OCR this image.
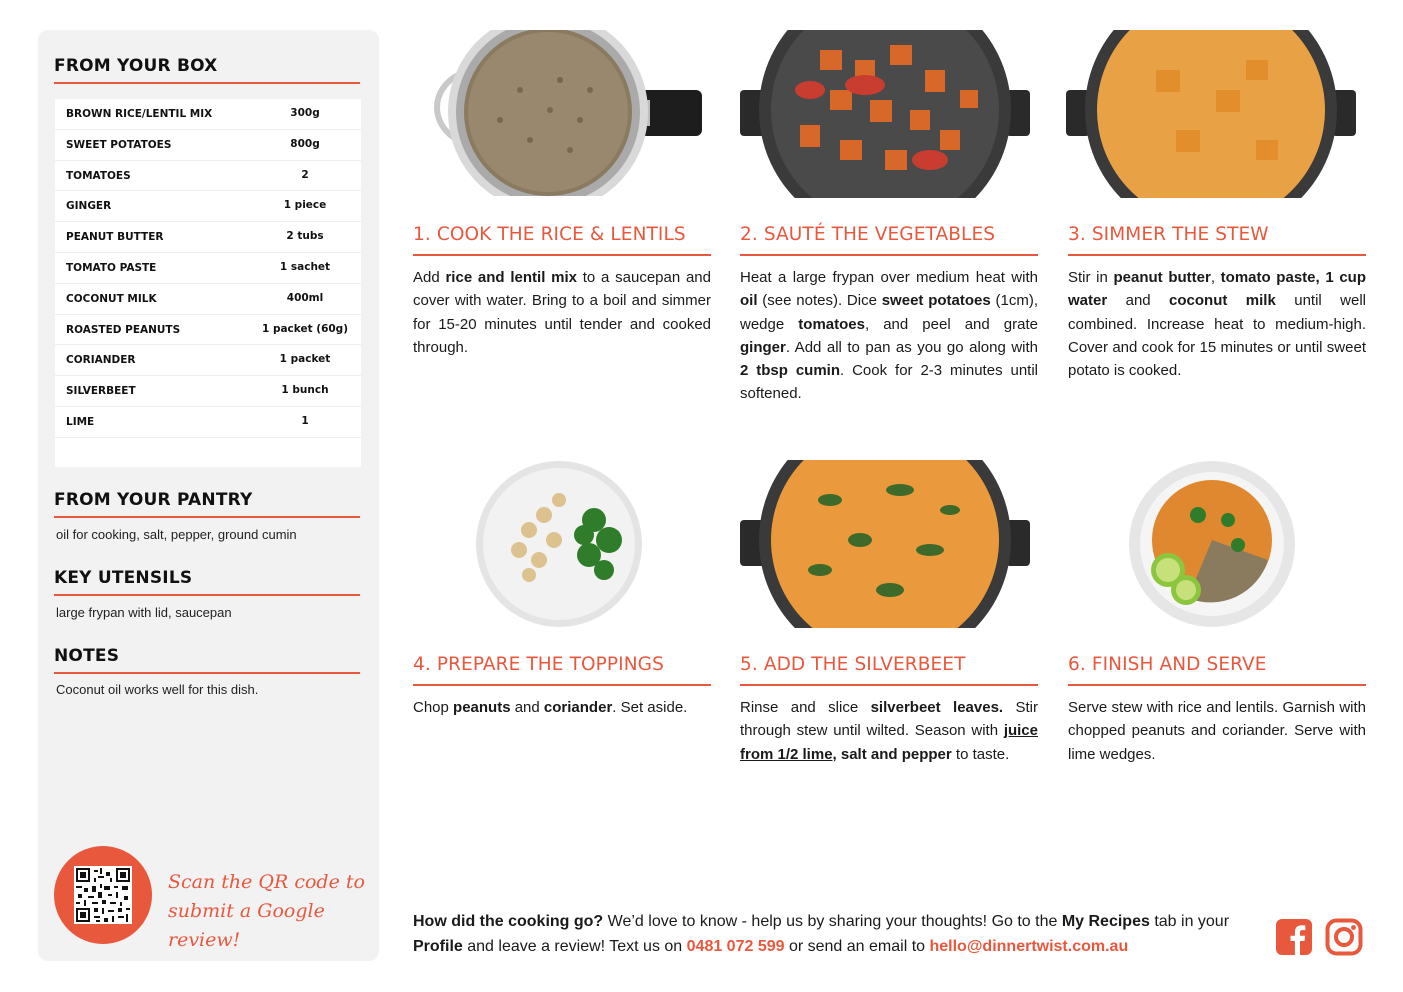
FROM YOUR BOX
BROWN RICE/LENTIL MIX	300g
SWEET POTATOES	800g
TOMATOES	2
GINGER	1 piece
PEANUT BUTTER	2 tubs
TOMATO PASTE	1 sachet
COCONUT MILK	400ml
ROASTED PEANUTS	1 packet (60g)
CORIANDER	1 packet
SILVERBEET	1 bunch
LIME	1
FROM YOUR PANTRY
oil for cooking, salt, pepper, ground cumin
KEY UTENSILS
large frypan with lid, saucepan
NOTES
Coconut oil works well for this dish.
Scan the QR code to
submit a Google review!
1. COOK THE RICE & LENTILS
Add rice and lentil mix to a saucepan and cover with water. Bring to a boil and simmer for 15-20 minutes until tender and cooked through.
2. SAUTÉ THE VEGETABLES
Heat a large frypan over medium heat with oil (see notes). Dice sweet potatoes (1cm), wedge tomatoes, and peel and grate ginger. Add all to pan as you go along with 2 tbsp cumin. Cook for 2-3 minutes until softened.
3. SIMMER THE STEW
Stir in peanut butter, tomato paste, 1 cup water and coconut milk until well combined. Increase heat to medium-high. Cover and cook for 15 minutes or until sweet potato is cooked.
4. PREPARE THE TOPPINGS
Chop peanuts and coriander. Set aside.
5. ADD THE SILVERBEET
Rinse and slice silverbeet leaves. Stir through stew until wilted. Season with juice from 1/2 lime, salt and pepper to taste.
6. FINISH AND SERVE
Serve stew with rice and lentils. Garnish with chopped peanuts and coriander. Serve with lime wedges.
How did the cooking go? We’d love to know - help us by sharing your thoughts! Go to the My Recipes tab in your Profile and leave a review! Text us on 0481 072 599 or send an email to hello@dinnertwist.com.au
